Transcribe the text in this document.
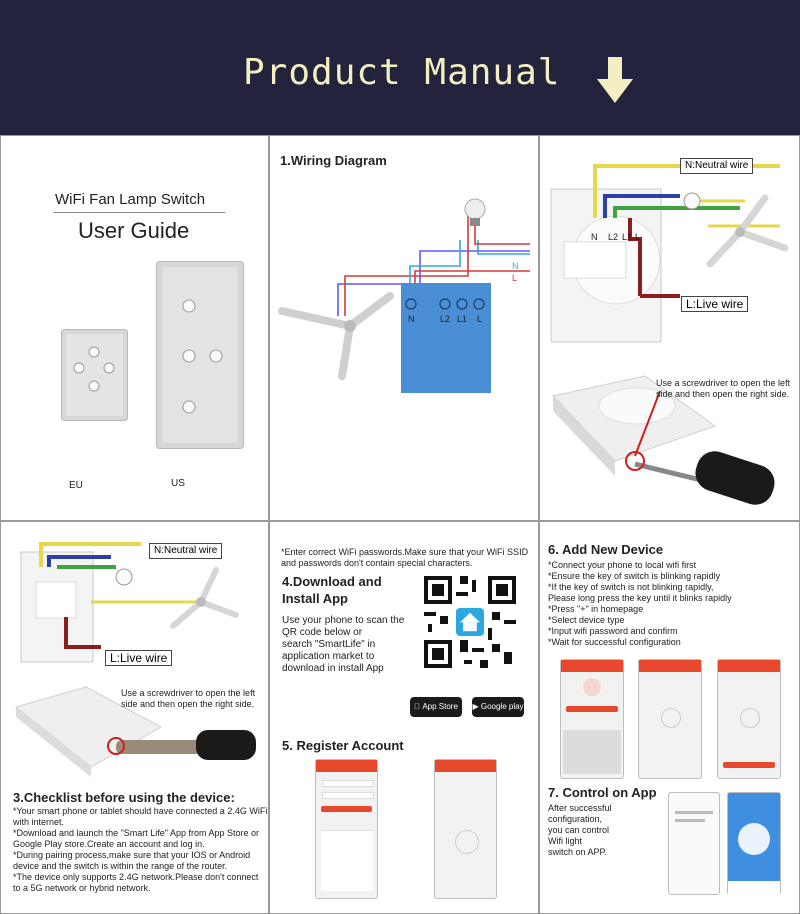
Product Manual
WiFi Fan Lamp Switch
User Guide
EU	US
1.Wiring Diagram
N	L2 L1 L
N
L
N:Neutral wire
L:Live wire
N L2 L1 L
Use a screwdriver to open the left
side and then open the right side.
N:Neutral wire
L:Live wire
Use a screwdriver to open the left
side and then open the right side.
3.Checklist before using the device:
*Your smart phone or tablet should have connected a 2.4G WiFi
with internet.
*Download and launch the "Smart Life" App from App Store or
Google Play store.Create an account and log in.
*During pairing process,make sure that your IOS or Android
device and the switch is within the range of the router.
*The device only supports 2.4G network.Please don't connect
to a 5G network or hybrid network.
*Enter correct WiFi passwords.Make sure that your WiFi SSID
and passwords don't contain special characters.
4.Download and
Install App
Use your phone to scan the
QR code below or
search "SmartLife" in
application market to
download in install App
App Store	▶ Google play
5. Register Account
6. Add New Device
*Connect your phone to local wifi first
*Ensure the key of switch is blinking rapidly
*If the key of switch is not blinking rapidly,
Please long press the key until it blinks rapidly
*Press "+" in homepage
*Select device type
*Input wifi password and confirm
*Wait for successful configuration
7. Control on App
After successful
configuration,
you can control
Wifi light
switch on APP.
